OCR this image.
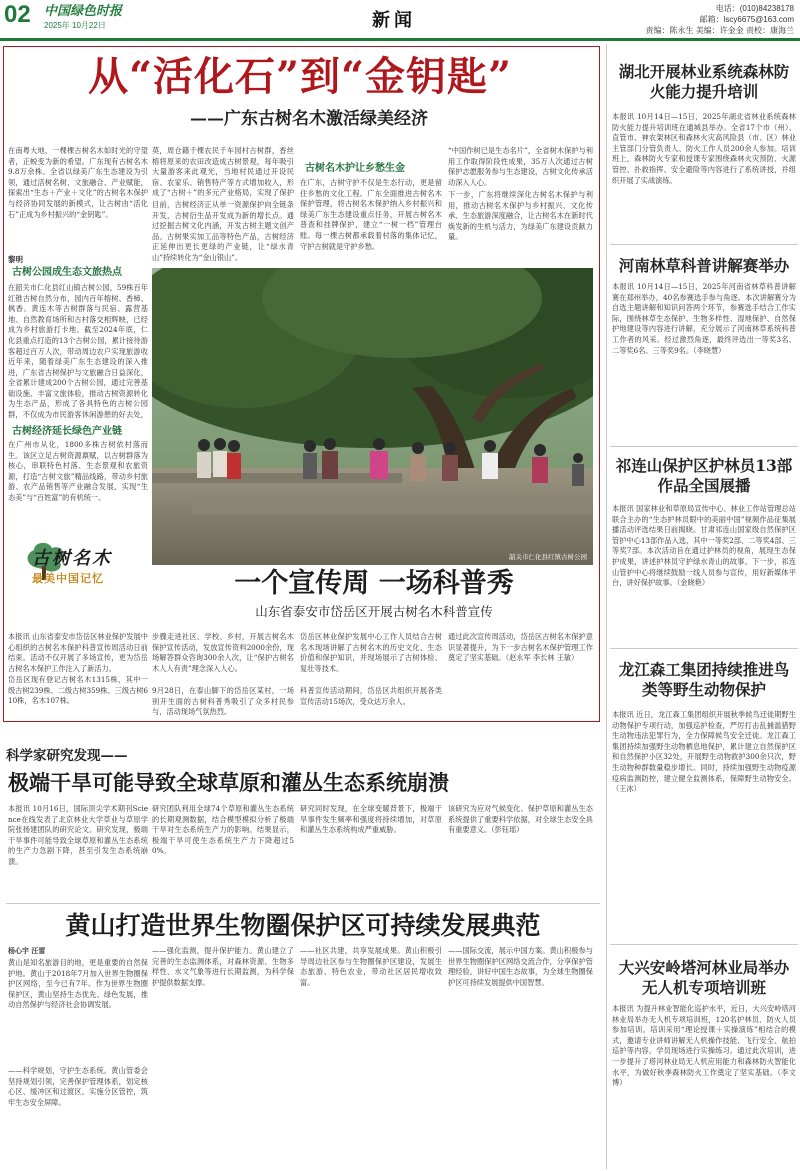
02 中国绿色时报
2025年 10月22日	新闻
电话：(010)84238178
邮箱：lscy6675@163.com
责编：陈永生 美编：许金金 责校：康海兰
从“活化石”到“金钥匙”
——广东古树名木激活绿美经济
在南粤大地，一棵棵古树名木如时光的守望者，正蜕变为新的希望。广东现有古树名木9.8万余株。全省以绿美广东生态建设为引领，通过活树名树、文旅融合、产业赋能，探索出“生态＋产业＋文化”的古树名木保护与经济协同发展的新模式，让古树由“活化石”正成为乡村振兴的“金钥匙”。
黎明
古树公园成生态文旅热点
在韶关市仁化县红山镇古树公园，59株百年红锥古树自然分布，园内百年榕树、香樟、枫香、黄连木等古树群落与民宿、露营基地、自然教育场所和古村落交相辉映，已经成为乡村旅游打卡地。截至2024年底，仁化县重点打造的13个古树公园，累计接待游客超过百万人次，带动周边农户实现旅游收
近年来，随着绿美广东生态建设的深入推进，广东省古树保护与文旅融合日益深化，全省累计建成200个古树公园，通过完善基础设施、丰富文旅体验，推动古树资源转化为生态产品，形成了各具特色的古树公园群，不仅成为市民游客休闲游憩的好去处，
古树经济延长绿色产业链
在广州市从化，1800多株古树依村落而生。该区立足古树资源禀赋，以古树群落为核心，串联特色村落、生态景观和农旅资源，打造“古树文旅”精品线路，带动乡村旅游、农产品销售等产业融合发展，实现“生态美”与“百姓富”的有机统一。
古树名木
最美中国记忆
莫，周仓籍千棵农民千车园村古树群，香丝榕将原来的农田改造成古树景观，每年吸引大量游客来此观光，当地村民通过开设民宿、农家乐、销售特产等方式增加收入，形成了“古树＋”的多元产业格局，实现了保护
目前，古树经济正从单一资源保护向全链条开发，古树衍生品开发成为新的增长点。通过挖掘古树文化内涵，开发古树主题文创产品、古树果实加工品等特色产品，古树经济正延伸出更长更绿的产业链，让“绿水青山”持续转化为“金山银山”。
古树名木护让乡愁生金
在广东，古树守护不仅是生态行动，更是留住乡愁的文化工程。广东全面推进古树名木保护管理，将古树名木保护纳入乡村振兴和绿美广东生态建设重点任务，开展古树名木普查和挂牌保护，建立“一树一档”管理台账。每一棵古树都承载着村落的集体记忆，守护古树就是守护乡愁。
“中国作树已是生态名片”，全省树木保护与利用工作取得阶段性成果，35万人次通过古树保护志愿服务参与生态建设，古树文化传承活动深入人心。
下一步，广东将继续深化古树名木保护与利用，推动古树名木保护与乡村振兴、文化传承、生态旅游深度融合，让古树名木在新时代焕发新的生机与活力，为绿美广东建设贡献力量。
韶关市仁化县红镇古树公园
一个宣传周 一场科普秀
山东省泰安市岱岳区开展古树名木科普宣传
本报讯 山东省泰安市岱岳区林业保护发展中心组织的古树名木保护科普宣传周活动日前结束。活动不仅开展了多场宣传，更为岱岳古树名木保护工作注入了新活力。
岱岳区现有登记古树名木1315株，其中一级古树239株、二级古树359株、三级古树610株，名木107株。
步骤走进社区、学校、乡村，开展古树名木保护宣传活动，发放宣传资料2000余份，现场解答群众咨询300余人次，让“保护古树名木人人有责”理念深入人心。
9月28日，在泰山脚下的岱岳区某村，一场别开生面的古树科普秀吸引了众多村民参与，活动现场气氛热烈。
岱岳区林业保护发展中心工作人员结合古树名木现场讲解了古树名木的历史文化、生态价值和保护知识，并现场展示了古树体检、复壮等技术。
科普宣传活动期间，岱岳区共组织开展各类宣传活动15场次，受众达万余人。
通过此次宣传周活动，岱岳区古树名木保护意识显著提升，为下一步古树名木保护管理工作奠定了坚实基础。（赵永军 李长林 王敏）
科学家研究发现——
极端干旱可能导致全球草原和灌丛生态系统崩溃
本报讯 10月16日，国际顶尖学术期刊Science在线发表了北京林业大学草业与草原学院张扬建团队的研究论文。研究发现，极端干旱事件可能导致全球草原和灌丛生态系统的生产力急剧下降，甚至引发生态系统崩溃。
研究团队利用全球74个草原和灌丛生态系统的长期观测数据，结合模型模拟分析了极端干旱对生态系统生产力的影响。结果显示，极端干旱可使生态系统生产力下降超过50%。
研究同时发现，在全球变暖背景下，极端干旱事件发生频率和强度将持续增加，对草原和灌丛生态系统构成严重威胁。
该研究为应对气候变化、保护草原和灌丛生态系统提供了重要科学依据，对全球生态安全具有重要意义。（彭钰瑶）
黄山打造世界生物圈保护区可持续发展典范
杨心宇 汪雷
黄山是知名旅游目的地，更是重要的自然保护地。黄山于2018年7月加入世界生物圈保护区网络，至今已有7年。作为世界生物圈保护区，黄山坚持生态优先、绿色发展，推动自然保护与经济社会协调发展。
——科学规划，守护生态系统。黄山管委会坚持规划引领，完善保护管理体系，划定核心区、缓冲区和过渡区，实施分区管控，筑牢生态安全屏障。
——强化监测，提升保护能力。黄山建立了完善的生态监测体系，对森林资源、生物多样性、水文气象等进行长期监测，为科学保护提供数据支撑。
——社区共建，共享发展成果。黄山积极引导周边社区参与生物圈保护区建设，发展生态旅游、特色农业，带动社区居民增收致富。
——国际交流，展示中国方案。黄山积极参与世界生物圈保护区网络交流合作，分享保护管理经验，讲好中国生态故事，为全球生物圈保护区可持续发展提供中国智慧。
湖北开展林业系统森林防火能力提升培训
本报讯 10月14日—15日，2025年湖北省林业系统森林防火能力提升培训班在通城县举办。全省17个市（州）、直管市、神农架林区和森林火灾高风险县（市、区）林业主管部门分管负责人、防火工作人员200余人参加。培训班上，森林防火专家和授课专家围绕森林火灾预防、火源管控、扑救指挥、安全避险等内容进行了系统讲授，并组织开展了实战演练。
河南林草科普讲解赛举办
本报讯 10月14日—15日，2025年河南省林草科普讲解赛在郑州举办，40名参赛选手参与角逐。本次讲解赛分为自选主题讲解和知识问答两个环节，参赛选手结合工作实际，围绕林草生态保护、生物多样性、湿地保护、自然保护地建设等内容进行讲解，充分展示了河南林草系统科普工作者的风采。经过激烈角逐，最终评选出一等奖3名、二等奖6名、三等奖9名。（李晓慧）
祁连山保护区护林员13部作品全国展播
本报讯 国家林业和草原局宣传中心、林业工作站管理总站联合主办的“生态护林员眼中的美丽中国”视频作品征集展播活动评选结果日前揭晓。甘肃祁连山国家级自然保护区管护中心13部作品入选，其中一等奖2部、二等奖4部、三等奖7部。本次活动旨在通过护林员的视角，展现生态保护成果，讲述护林员守护绿水青山的故事。下一步，祁连山管护中心将继续鼓励一线人员参与宣传，用好新媒体平台，讲好保护故事。（金晓艳）
龙江森工集团持续推进鸟类等野生动物保护
本报讯 近日，龙江森工集团组织开展秋季候鸟迁徙期野生动物保护专项行动，加强巡护检查，严厉打击乱捕滥猎野生动物违法犯罪行为，全力保障候鸟安全迁徙。龙江森工集团持续加强野生动物栖息地保护，累计建立自然保护区和自然保护小区32处，开展野生动物救护300余只次，野生动物种群数量稳步增长。同时，持续加强野生动物疫源疫病监测防控，建立健全监测体系，保障野生动物安全。（王冰）
大兴安岭塔河林业局举办无人机专项培训班
本报讯 为提升林业智能化巡护水平，近日，大兴安岭塔河林业局举办无人机专项培训班，120名护林员、防火人员参加培训。培训采用“理论授课＋实操演练”相结合的模式，邀请专业讲师讲解无人机操作技能、飞行安全、航拍巡护等内容，学员现场进行实操练习。通过此次培训，进一步提升了塔河林业局无人机应用能力和森林防火智能化水平，为做好秋季森林防火工作奠定了坚实基础。（李文博）
